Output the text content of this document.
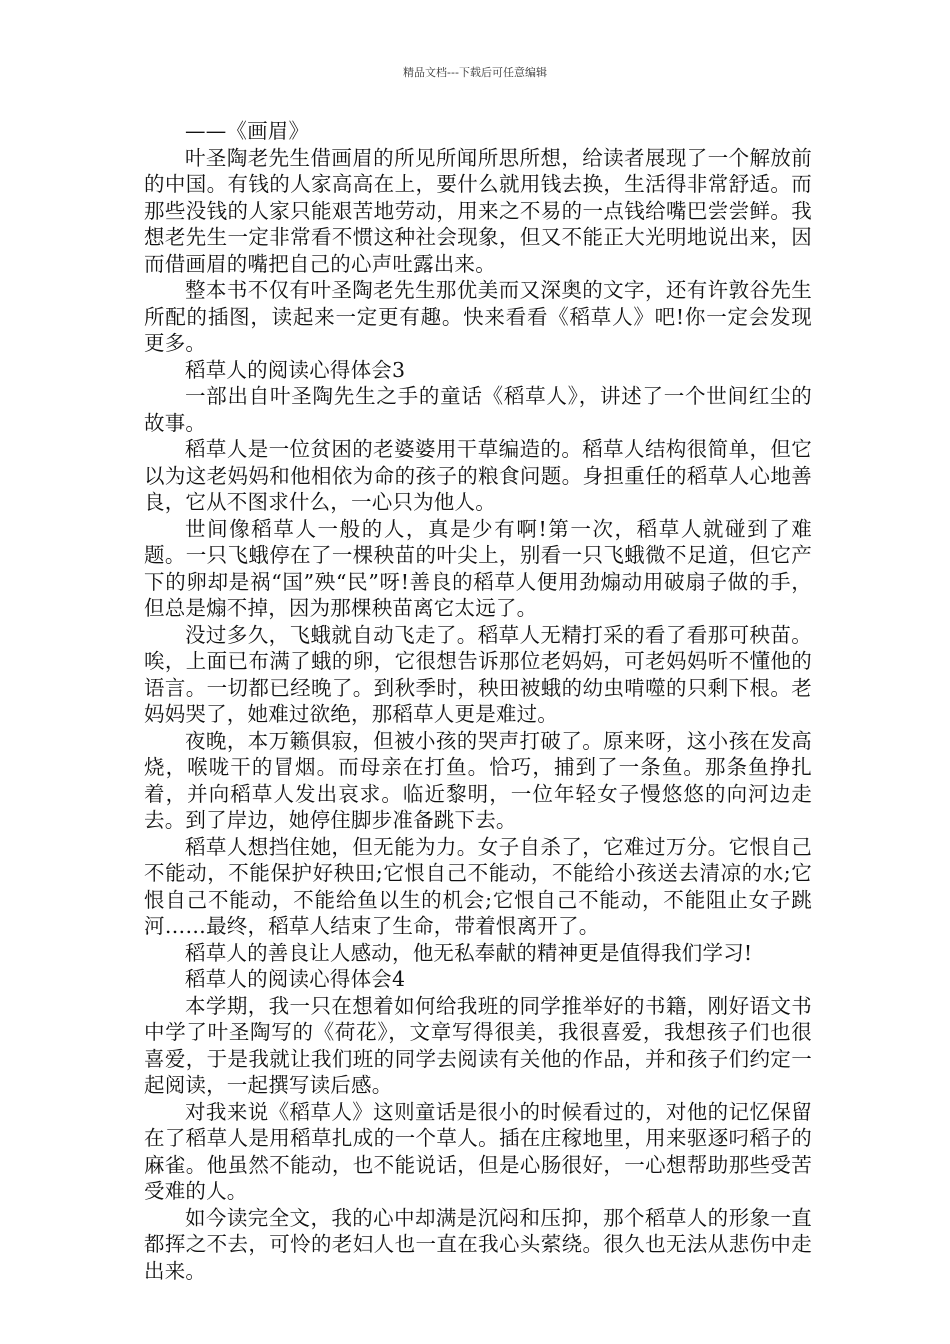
精品文档---下载后可任意编辑

——《画眉》

叶圣陶老先生借画眉的所见所闻所思所想，给读者展现了一个解放前的中国。有钱的人家高高在上，要什么就用钱去换，生活得非常舒适。而那些没钱的人家只能艰苦地劳动，用来之不易的一点钱给嘴巴尝尝鲜。我想老先生一定非常看不惯这种社会现象，但又不能正大光明地说出来，因而借画眉的嘴把自己的心声吐露出来。

整本书不仅有叶圣陶老先生那优美而又深奥的文字，还有许敦谷先生所配的插图，读起来一定更有趣。快来看看《稻草人》吧!你一定会发现更多。

稻草人的阅读心得体会3

一部出自叶圣陶先生之手的童话《稻草人》，讲述了一个世间红尘的故事。

稻草人是一位贫困的老婆婆用干草编造的。稻草人结构很简单，但它以为这老妈妈和他相依为命的孩子的粮食问题。身担重任的稻草人心地善良，它从不图求什么，一心只为他人。

世间像稻草人一般的人，真是少有啊!第一次，稻草人就碰到了难题。一只飞蛾停在了一棵秧苗的叶尖上，别看一只飞蛾微不足道，但它产下的卵却是祸“国”殃“民”呀!善良的稻草人便用劲煽动用破扇子做的手，但总是煽不掉，因为那棵秧苗离它太远了。

没过多久，飞蛾就自动飞走了。稻草人无精打采的看了看那可秧苗。唉，上面已布满了蛾的卵，它很想告诉那位老妈妈，可老妈妈听不懂他的语言。一切都已经晚了。到秋季时，秧田被蛾的幼虫啃噬的只剩下根。老妈妈哭了，她难过欲绝，那稻草人更是难过。

夜晚，本万籁俱寂，但被小孩的哭声打破了。原来呀，这小孩在发高烧，喉咙干的冒烟。而母亲在打鱼。恰巧，捕到了一条鱼。那条鱼挣扎着，并向稻草人发出哀求。临近黎明，一位年轻女子慢悠悠的向河边走去。到了岸边，她停住脚步准备跳下去。

稻草人想挡住她，但无能为力。女子自杀了，它难过万分。它恨自己不能动，不能保护好秧田;它恨自己不能动，不能给小孩送去清凉的水;它恨自己不能动，不能给鱼以生的机会;它恨自己不能动，不能阻止女子跳河……最终，稻草人结束了生命，带着恨离开了。

稻草人的善良让人感动，他无私奉献的精神更是值得我们学习!

稻草人的阅读心得体会4

本学期，我一只在想着如何给我班的同学推举好的书籍，刚好语文书中学了叶圣陶写的《荷花》，文章写得很美，我很喜爱，我想孩子们也很喜爱，于是我就让我们班的同学去阅读有关他的作品，并和孩子们约定一起阅读，一起撰写读后感。

对我来说《稻草人》这则童话是很小的时候看过的，对他的记忆保留在了稻草人是用稻草扎成的一个草人。插在庄稼地里，用来驱逐叼稻子的麻雀。他虽然不能动，也不能说话，但是心肠很好，一心想帮助那些受苦受难的人。

如今读完全文，我的心中却满是沉闷和压抑，那个稻草人的形象一直都挥之不去，可怜的老妇人也一直在我心头萦绕。很久也无法从悲伤中走出来。
